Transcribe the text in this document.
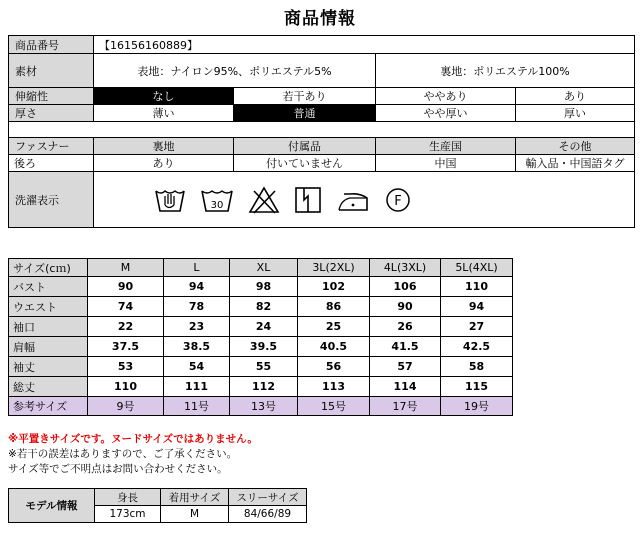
商品情報
商品番号	【16156160889】			
素材	表地：ナイロン95%、ポリエステル5%		裏地：ポリエステル100%	
伸縮性	なし	若干あり	ややあり	あり
厚さ	薄い	普通	やや厚い	厚い

ファスナー	裏地	付属品	生産国	その他
後ろ	あり	付いていません	中国	輸入品・中国語タグ
洗濯表示	30 F			
サイズ(cｍ)	M	L	XL	3L(2XL)	4L(3XL)	5L(4XL)
バスト	90	94	98	102	106	110
ウエスト	74	78	82	86	90	94
袖口	22	23	24	25	26	27
肩幅	37.5	38.5	39.5	40.5	41.5	42.5
袖丈	53	54	55	56	57	58
総丈	110	111	112	113	114	115
参考サイズ	9号	11号	13号	15号	17号	19号
※平置きサイズです。ヌードサイズではありません。
※若干の誤差はありますので、ご了承ください。
サイズ等でご不明点はお問い合わせください。
モデル情報	身長	着用サイズ	スリーサイズ
	173cm	M	84/66/89
